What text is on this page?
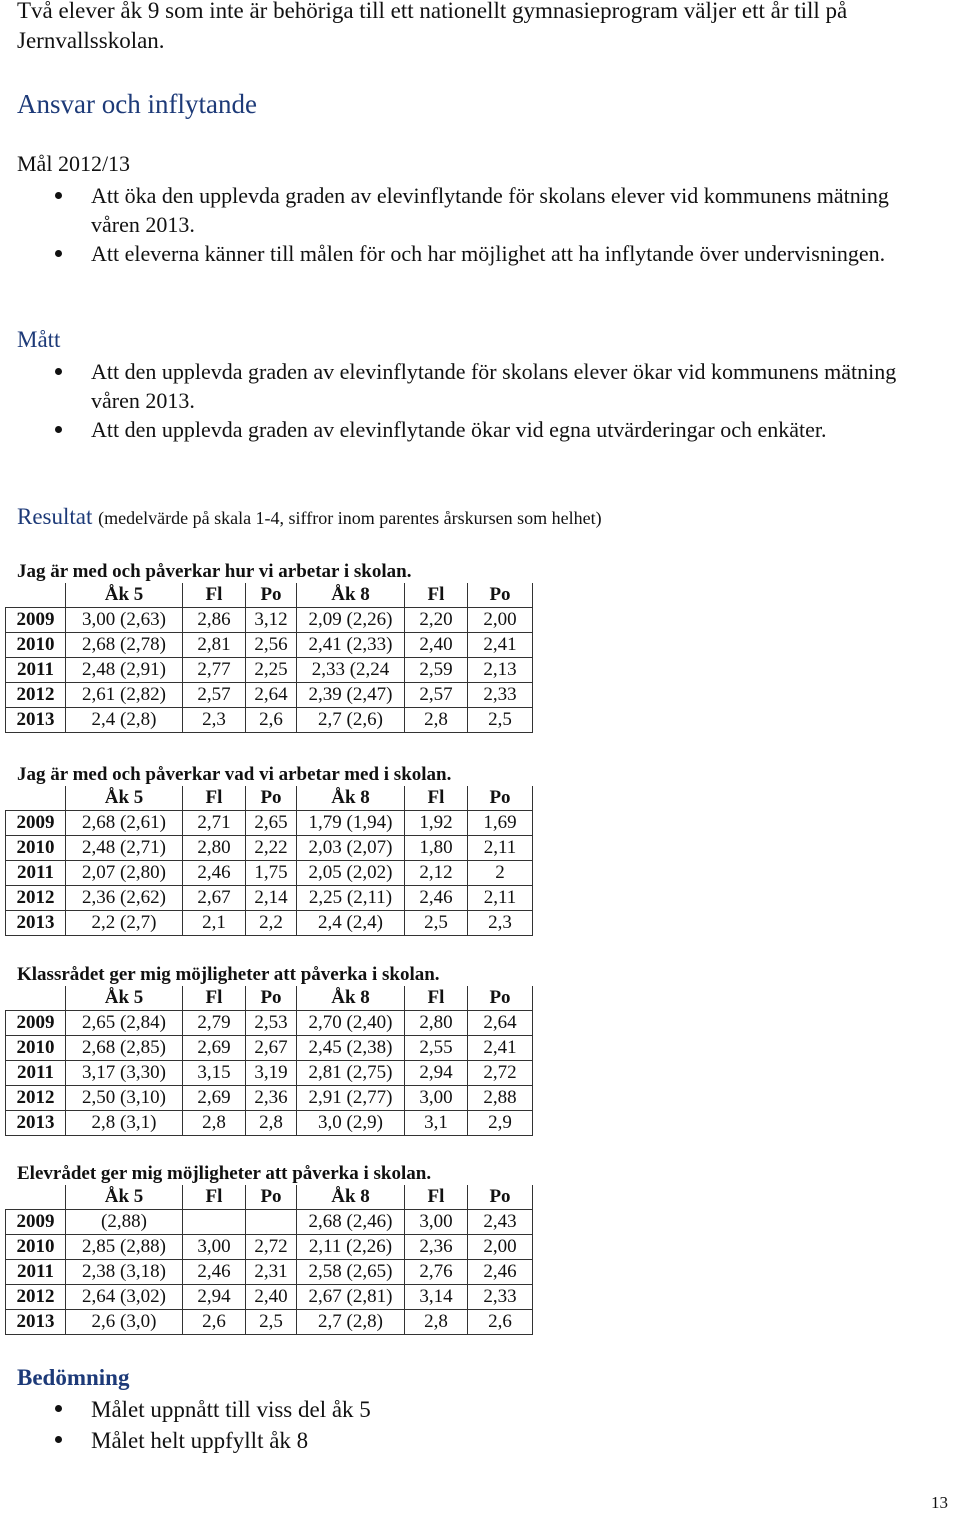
Två elever åk 9 som inte är behöriga till ett nationellt gymnasieprogram väljer ett år till på Jernvallsskolan.
Ansvar och inflytande
Mål 2012/13
Att öka den upplevda graden av elevinflytande för skolans elever vid kommunens mätning våren 2013.
Att eleverna känner till målen för och har möjlighet att ha inflytande över undervisningen.
Mått
Att den upplevda graden av elevinflytande för skolans elever ökar vid kommunens mätning våren 2013.
Att den upplevda graden av elevinflytande ökar vid egna utvärderingar och enkäter.
Resultat (medelvärde på skala 1-4, siffror inom parentes årskursen som helhet)
Jag är med och påverkar hur vi arbetar i skolan.
	Åk 5	Fl	Po	Åk 8	Fl	Po
2009	3,00 (2,63)	2,86	3,12	2,09 (2,26)	2,20	2,00
2010	2,68 (2,78)	2,81	2,56	2,41 (2,33)	2,40	2,41
2011	2,48 (2,91)	2,77	2,25	2,33 (2,24	2,59	2,13
2012	2,61 (2,82)	2,57	2,64	2,39 (2,47)	2,57	2,33
2013	2,4 (2,8)	2,3	2,6	2,7 (2,6)	2,8	2,5
Jag är med och påverkar vad vi arbetar med i skolan.
	Åk 5	Fl	Po	Åk 8	Fl	Po
2009	2,68 (2,61)	2,71	2,65	1,79 (1,94)	1,92	1,69
2010	2,48 (2,71)	2,80	2,22	2,03 (2,07)	1,80	2,11
2011	2,07 (2,80)	2,46	1,75	2,05 (2,02)	2,12	2
2012	2,36 (2,62)	2,67	2,14	2,25 (2,11)	2,46	2,11
2013	2,2 (2,7)	2,1	2,2	2,4 (2,4)	2,5	2,3
Klassrådet ger mig möjligheter att påverka i skolan.
	Åk 5	Fl	Po	Åk 8	Fl	Po
2009	2,65 (2,84)	2,79	2,53	2,70 (2,40)	2,80	2,64
2010	2,68 (2,85)	2,69	2,67	2,45 (2,38)	2,55	2,41
2011	3,17 (3,30)	3,15	3,19	2,81 (2,75)	2,94	2,72
2012	2,50 (3,10)	2,69	2,36	2,91 (2,77)	3,00	2,88
2013	2,8 (3,1)	2,8	2,8	3,0 (2,9)	3,1	2,9
Elevrådet ger mig möjligheter att påverka i skolan.
	Åk 5	Fl	Po	Åk 8	Fl	Po
2009	(2,88)			2,68 (2,46)	3,00	2,43
2010	2,85 (2,88)	3,00	2,72	2,11 (2,26)	2,36	2,00
2011	2,38 (3,18)	2,46	2,31	2,58 (2,65)	2,76	2,46
2012	2,64 (3,02)	2,94	2,40	2,67 (2,81)	3,14	2,33
2013	2,6 (3,0)	2,6	2,5	2,7 (2,8)	2,8	2,6
Bedömning
Målet uppnått till viss del åk 5
Målet helt uppfyllt åk 8
13
